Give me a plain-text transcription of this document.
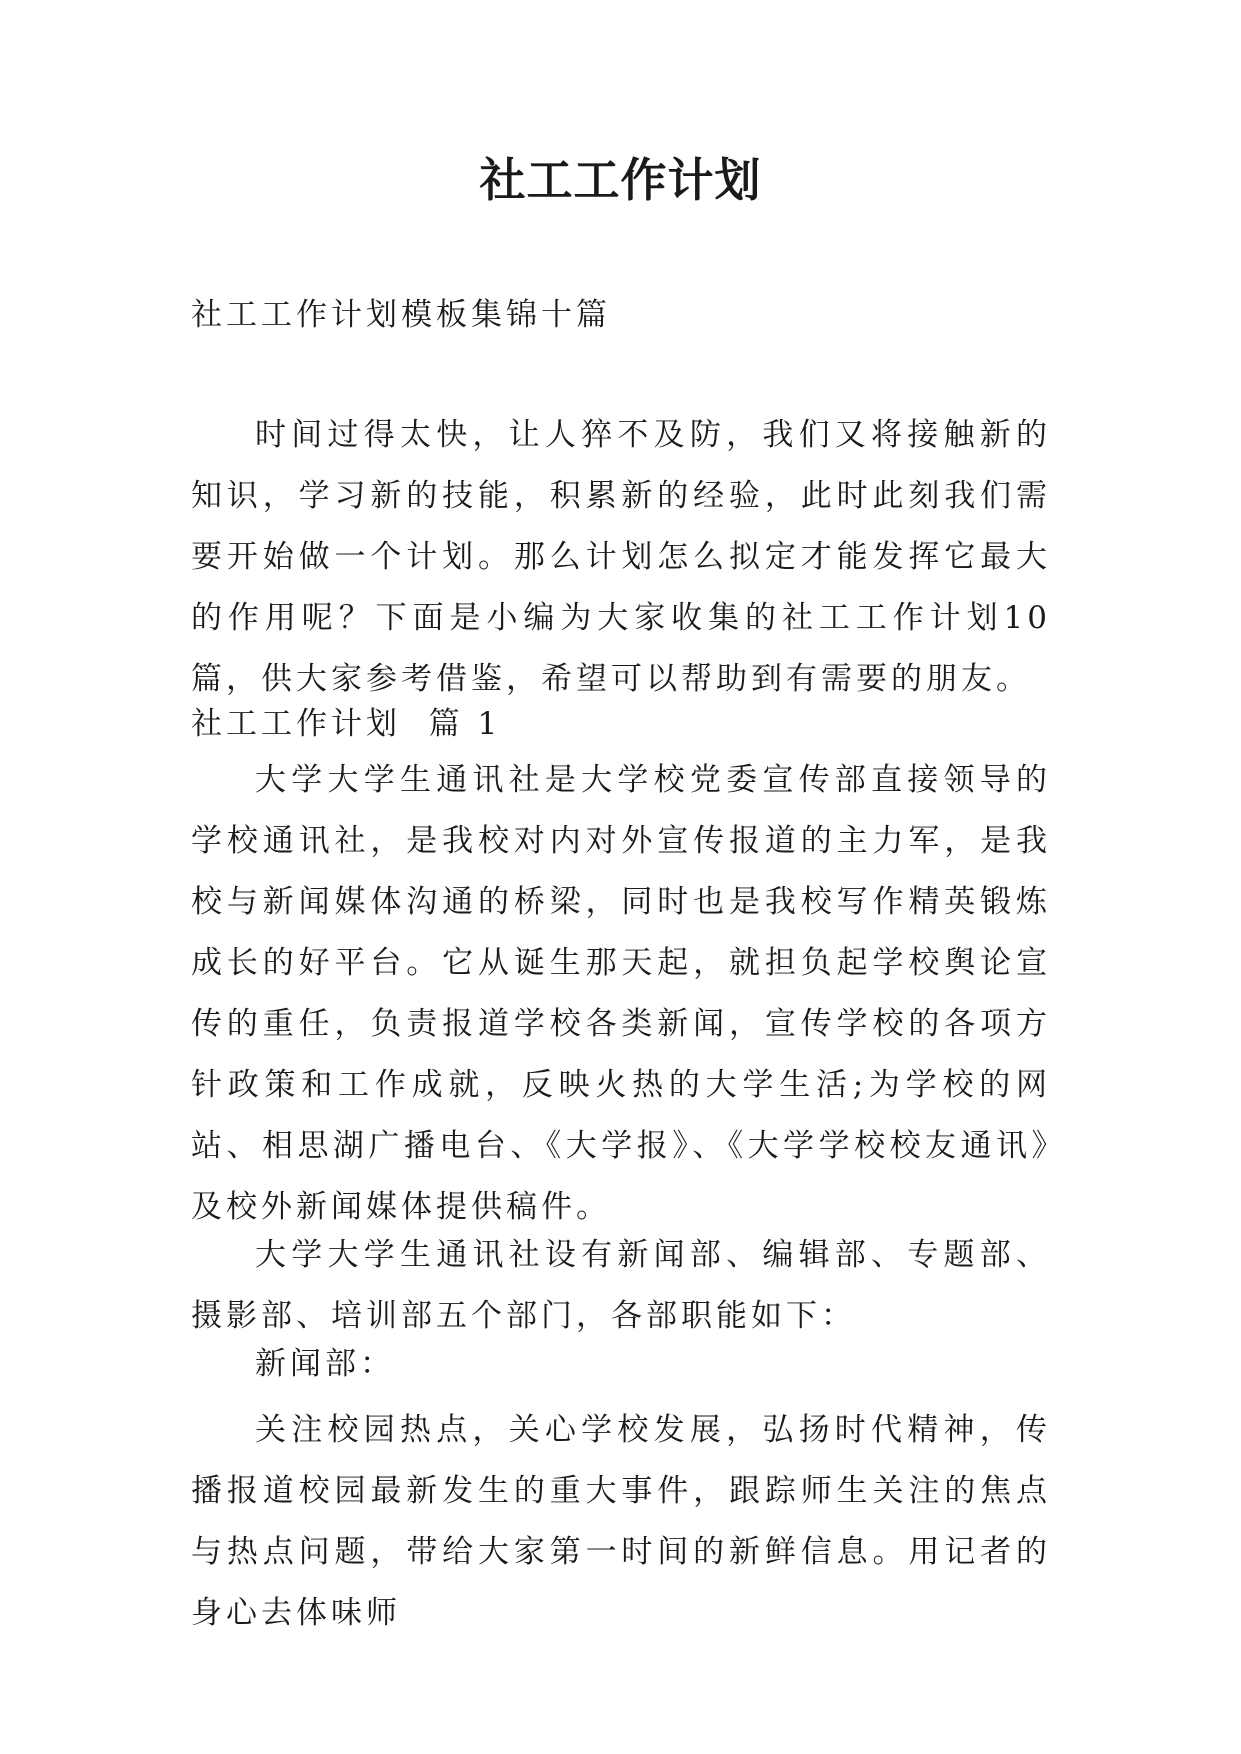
社工工作计划

社工工作计划模板集锦十篇

时间过得太快，让人猝不及防，我们又将接触新的知识，学习新的技能，积累新的经验，此时此刻我们需要开始做一个计划。那么计划怎么拟定才能发挥它最大的作用呢？下面是小编为大家收集的社工工作计划10篇，供大家参考借鉴，希望可以帮助到有需要的朋友。

社工工作计划  篇 1

大学大学生通讯社是大学校党委宣传部直接领导的学校通讯社，是我校对内对外宣传报道的主力军，是我校与新闻媒体沟通的桥梁，同时也是我校写作精英锻炼成长的好平台。它从诞生那天起，就担负起学校舆论宣传的重任，负责报道学校各类新闻，宣传学校的各项方针政策和工作成就，反映火热的大学生活;为学校的网站、相思湖广播电台、《大学报》、《大学学校校友通讯》及校外新闻媒体提供稿件。

大学大学生通讯社设有新闻部、编辑部、专题部、摄影部、培训部五个部门，各部职能如下：

新闻部：

关注校园热点，关心学校发展，弘扬时代精神，传播报道校园最新发生的重大事件，跟踪师生关注的焦点与热点问题，带给大家第一时间的新鲜信息。用记者的身心去体味师
